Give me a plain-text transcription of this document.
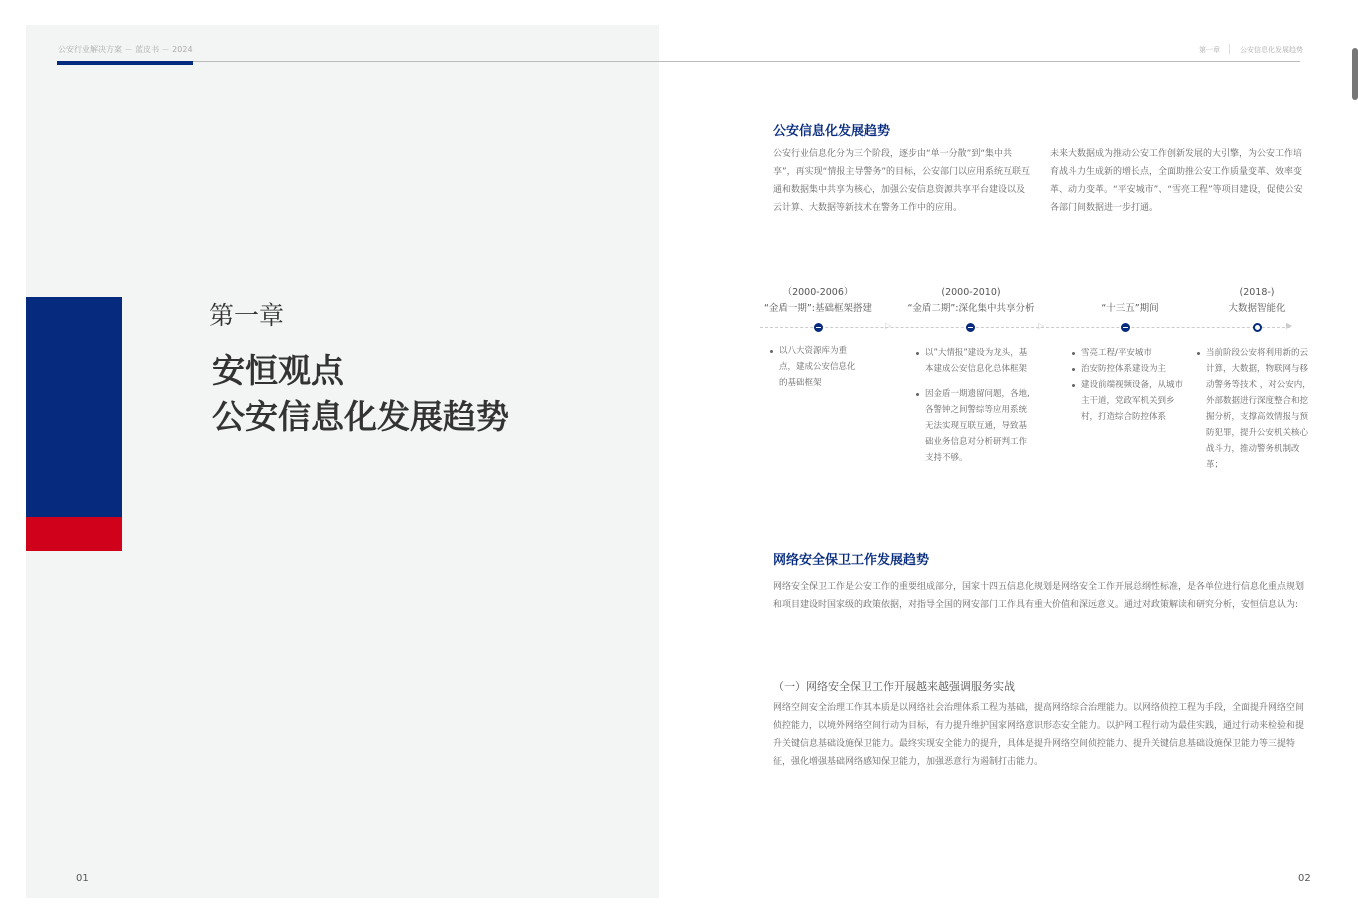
公安行业解决方案 － 蓝皮书 － 2024	第一章	公安信息化发展趋势
第一章
安恒观点
公安信息化发展趋势
01	02
公安信息化发展趋势
公安行业信息化分为三个阶段，逐步由“单一分散”到“集中共享”，再实现“情报主导警务”的目标，公安部门以应用系统互联互通和数据集中共享为核心，加强公安信息资源共享平台建设以及云计算、大数据等新技术在警务工作中的应用。
未来大数据成为推动公安工作创新发展的大引擎，为公安工作培育战斗力生成新的增长点，全面助推公安工作质量变革、效率变革、动力变革。“平安城市”、“雪亮工程”等项目建设，促使公安各部门间数据进一步打通。
▷	▷	▶
（2000-2006）
“金盾一期”:基础框架搭建
(2000-2010)
“金盾二期”:深化集中共享分析	“十三五”期间
(2018-)
大数据智能化
以八大资源库为重点，建成公安信息化的基础框架
以”大情报”建设为龙头，基本建成公安信息化总体框架
因金盾一期遗留问题，各地,各警钟之间警综等应用系统无法实现互联互通，导致基础业务信息对分析研判工作支持不够。
雪亮工程/平安城市
治安防控体系建设为主
建设前端视频设备，从城市主干道，党政军机关到乡村，打造综合防控体系
当前阶段公安将利用新的云计算，大数据，物联网与移动警务等技术 ，对公安内，外部数据进行深度整合和挖掘分析，支撑高效情报与预防犯罪，提升公安机关核心战斗力，推动警务机制改革；
网络安全保卫工作发展趋势
网络安全保卫工作是公安工作的重要组成部分，国家十四五信息化规划是网络安全工作开展总纲性标准，是各单位进行信息化重点规划和项目建设时国家级的政策依据，对指导全国的网安部门工作具有重大价值和深远意义。通过对政策解读和研究分析，安恒信息认为:
（一）网络安全保卫工作开展越来越强调服务实战
网络空间安全治理工作其本质是以网络社会治理体系工程为基础，提高网络综合治理能力。以网络侦控工程为手段，全面提升网络空间侦控能力，以境外网络空间行动为目标，有力提升维护国家网络意识形态安全能力。以护网工程行动为最佳实践，通过行动来检验和提升关键信息基础设施保卫能力。最终实现安全能力的提升，具体是提升网络空间侦控能力、提升关键信息基础设施保卫能力等三提特征，强化增强基础网络感知保卫能力，加强恶意行为遏制打击能力。
